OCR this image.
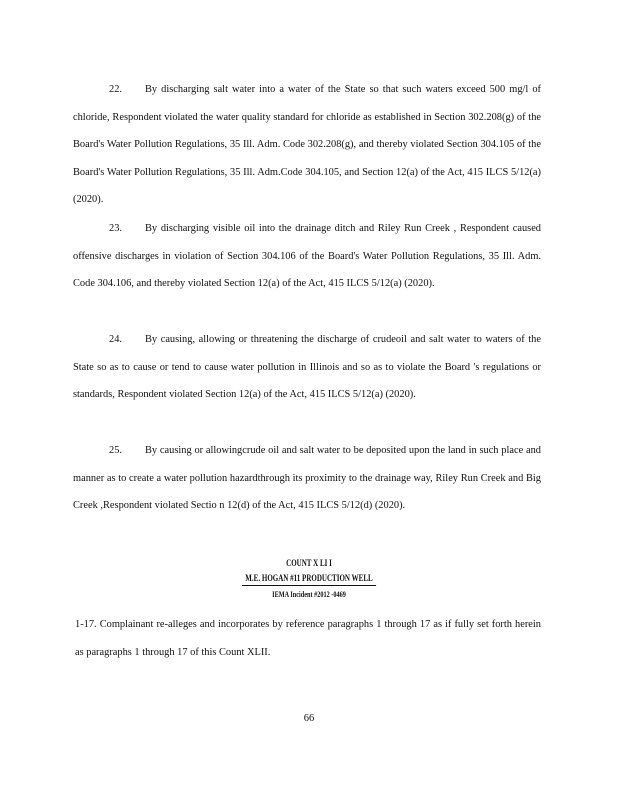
22. By discharging salt water into a water of the State so that such waters exceed 500 mg/l of chloride, Respondent violated the water quality standard for chloride as established in Section 302.208(g) of the Board's Water Pollution Regulations, 35 Ill. Adm. Code 302.208(g), and thereby violated Section 304.105 of the Board's Water Pollution Regulations, 35 Ill. Adm.Code 304.105, and Section 12(a) of the Act, 415 ILCS 5/12(a) (2020).

23. By discharging visible oil into the drainage ditch and Riley Run Creek , Respondent caused offensive discharges in violation of Section 304.106 of the Board's Water Pollution Regulations, 35 Ill. Adm. Code 304.106, and thereby violated Section 12(a) of the Act, 415 ILCS 5/12(a) (2020).

24. By causing, allowing or threatening the discharge of crudeoil and salt water to waters of the State so as to cause or tend to cause water pollution in Illinois and so as to violate the Board 's regulations or standards, Respondent violated Section 12(a) of the Act, 415 ILCS 5/12(a) (2020).

25. By causing or allowingcrude oil and salt water to be deposited upon the land in such place and manner as to create a water pollution hazardthrough its proximity to the drainage way, Riley Run Creek and Big Creek ,Respondent violated Sectio n 12(d) of the Act, 415 ILCS 5/12(d) (2020).

COUNT X LI I
M.E. HOGAN #11 PRODUCTION WELL
IEMA Incident #2012 -0469

1-17. Complainant re-alleges and incorporates by reference paragraphs 1 through 17 as if fully set forth herein as paragraphs 1 through 17 of this Count XLII.

66
